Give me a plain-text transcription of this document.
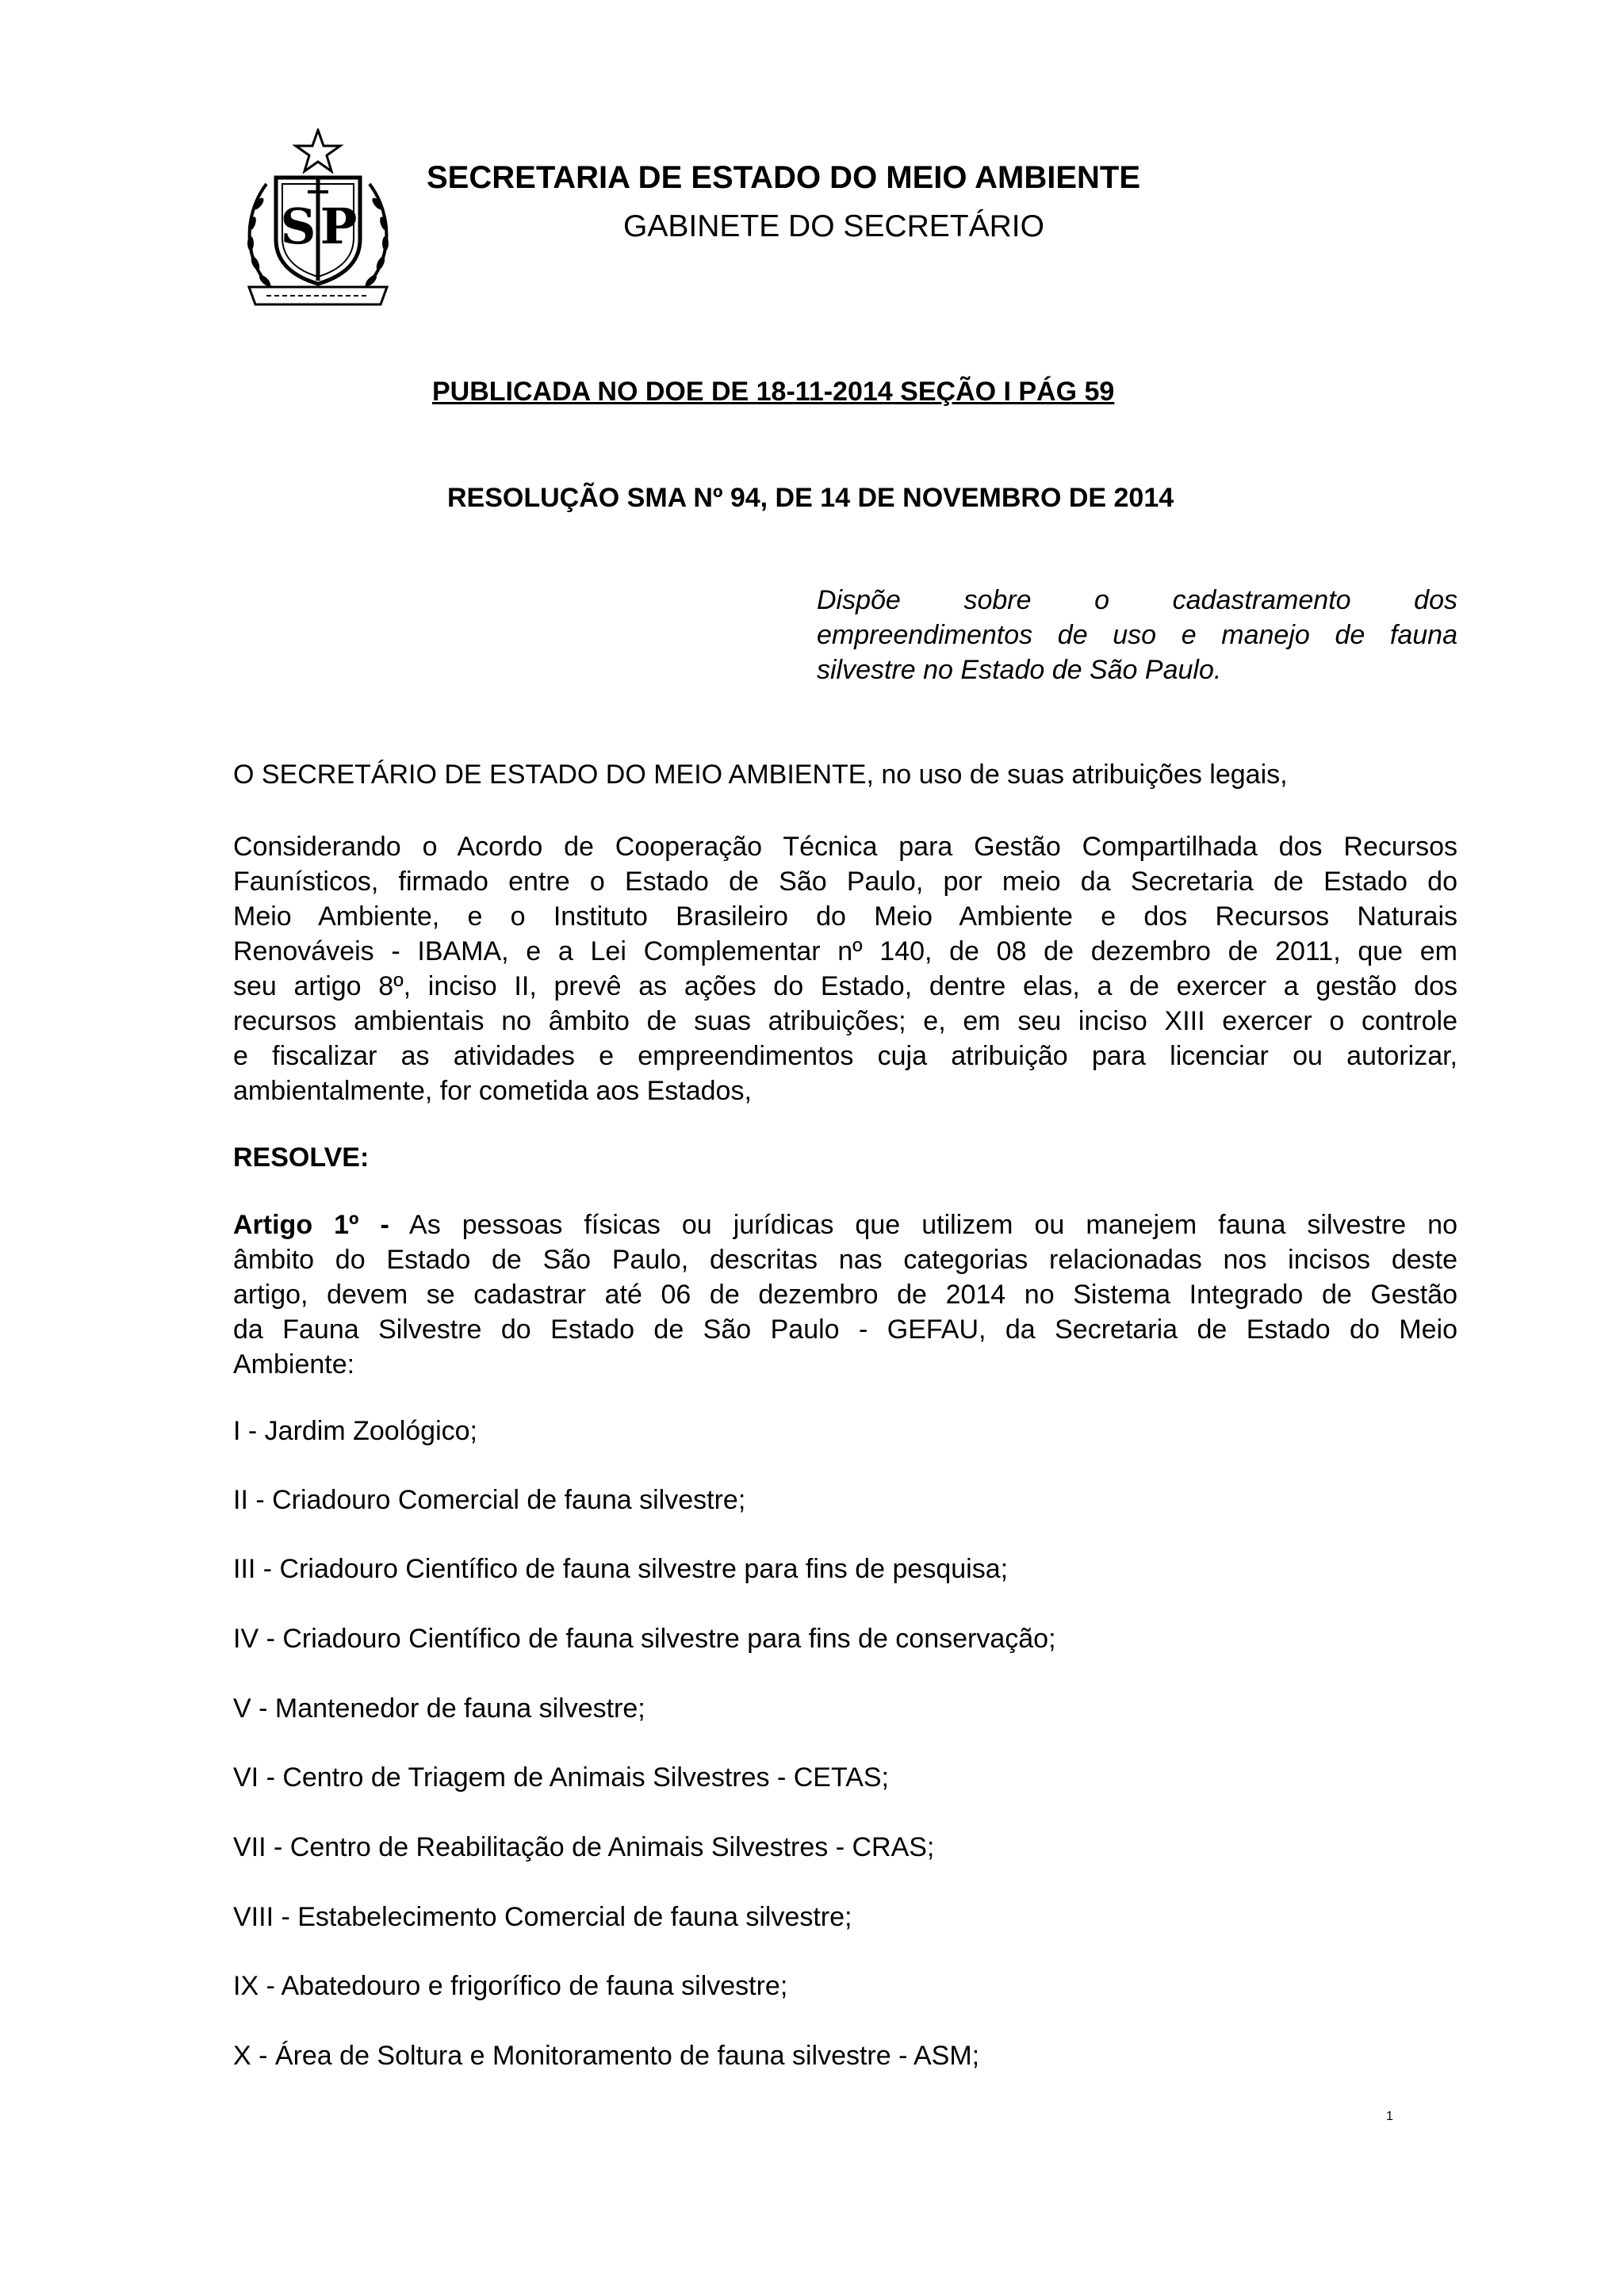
S P
SECRETARIA DE ESTADO DO MEIO AMBIENTE
GABINETE DO SECRETÁRIO
PUBLICADA NO DOE DE 18-11-2014 SEÇÃO I PÁG 59
RESOLUÇÃO SMA Nº 94, DE 14 DE NOVEMBRO DE 2014
Dispõe sobre o cadastramento dos
empreendimentos de uso e manejo de fauna
silvestre no Estado de São Paulo.
O SECRETÁRIO DE ESTADO DO MEIO AMBIENTE, no uso de suas atribuições legais,
Considerando o Acordo de Cooperação Técnica para Gestão Compartilhada dos Recursos
Faunísticos, firmado entre o Estado de São Paulo, por meio da Secretaria de Estado do
Meio Ambiente, e o Instituto Brasileiro do Meio Ambiente e dos Recursos Naturais
Renováveis - IBAMA, e a Lei Complementar nº 140, de 08 de dezembro de 2011, que em
seu artigo 8º, inciso II, prevê as ações do Estado, dentre elas, a de exercer a gestão dos
recursos ambientais no âmbito de suas atribuições; e, em seu inciso XIII exercer o controle
e fiscalizar as atividades e empreendimentos cuja atribuição para licenciar ou autorizar,
ambientalmente, for cometida aos Estados,
RESOLVE:
Artigo 1º - As pessoas físicas ou jurídicas que utilizem ou manejem fauna silvestre no
âmbito do Estado de São Paulo, descritas nas categorias relacionadas nos incisos deste
artigo, devem se cadastrar até 06 de dezembro de 2014 no Sistema Integrado de Gestão
da Fauna Silvestre do Estado de São Paulo - GEFAU, da Secretaria de Estado do Meio
Ambiente:
I - Jardim Zoológico;
II - Criadouro Comercial de fauna silvestre;
III - Criadouro Científico de fauna silvestre para fins de pesquisa;
IV - Criadouro Científico de fauna silvestre para fins de conservação;
V - Mantenedor de fauna silvestre;
VI - Centro de Triagem de Animais Silvestres - CETAS;
VII - Centro de Reabilitação de Animais Silvestres - CRAS;
VIII - Estabelecimento Comercial de fauna silvestre;
IX - Abatedouro e frigorífico de fauna silvestre;
X - Área de Soltura e Monitoramento de fauna silvestre - ASM;
1
